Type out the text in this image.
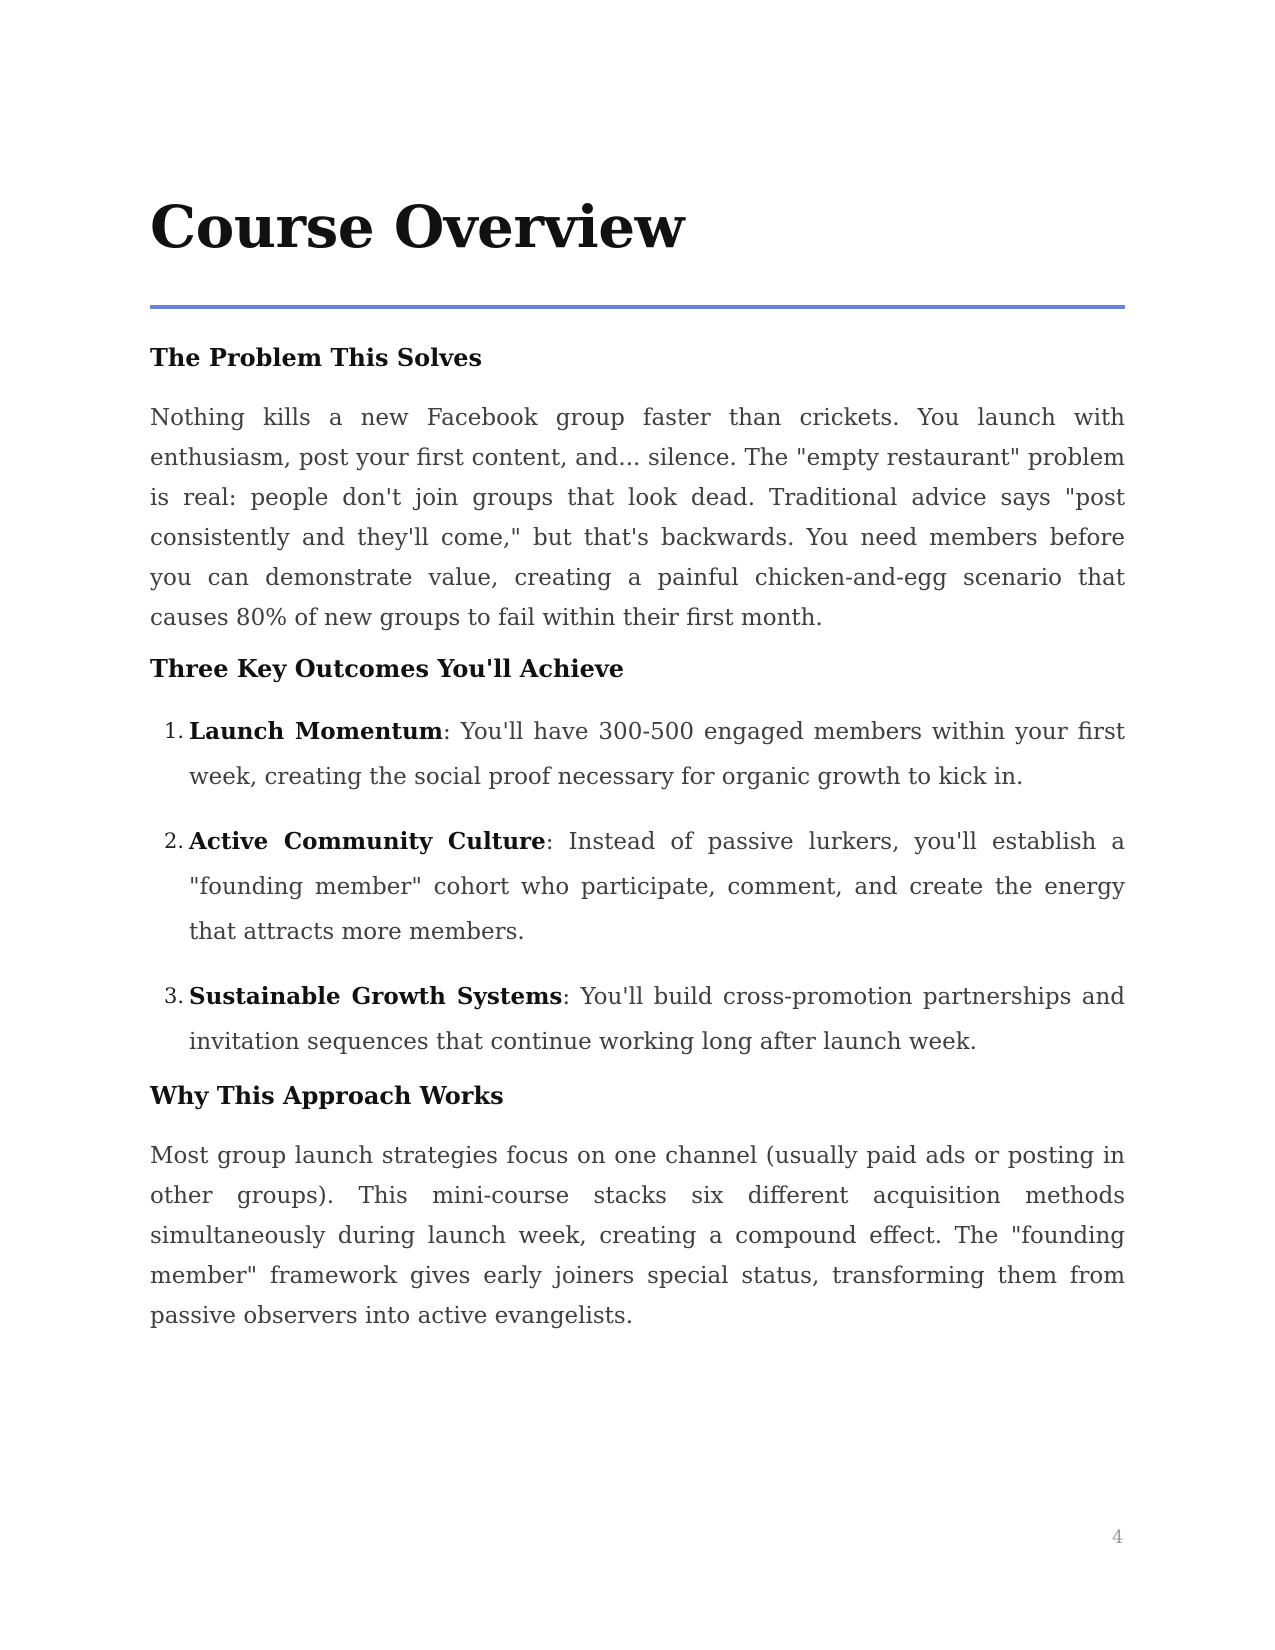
Course Overview
The Problem This Solves

Nothing kills a new Facebook group faster than crickets. You launch with enthusiasm, post your first content, and... silence. The "empty restaurant" problem is real: people don't join groups that look dead. Traditional advice says "post consistently and they'll come," but that's backwards. You need members before you can demonstrate value, creating a painful chicken-and-egg scenario that causes 80% of new groups to fail within their first month.

Three Key Outcomes You'll Achieve
1. Launch Momentum: You'll have 300-500 engaged members within your first week, creating the social proof necessary for organic growth to kick in.
2. Active Community Culture: Instead of passive lurkers, you'll establish a "founding member" cohort who participate, comment, and create the energy that attracts more members.
3. Sustainable Growth Systems: You'll build cross-promotion partnerships and invitation sequences that continue working long after launch week.
Why This Approach Works

Most group launch strategies focus on one channel (usually paid ads or posting in other groups). This mini-course stacks six different acquisition methods simultaneously during launch week, creating a compound effect. The "founding member" framework gives early joiners special status, transforming them from passive observers into active evangelists.

4
